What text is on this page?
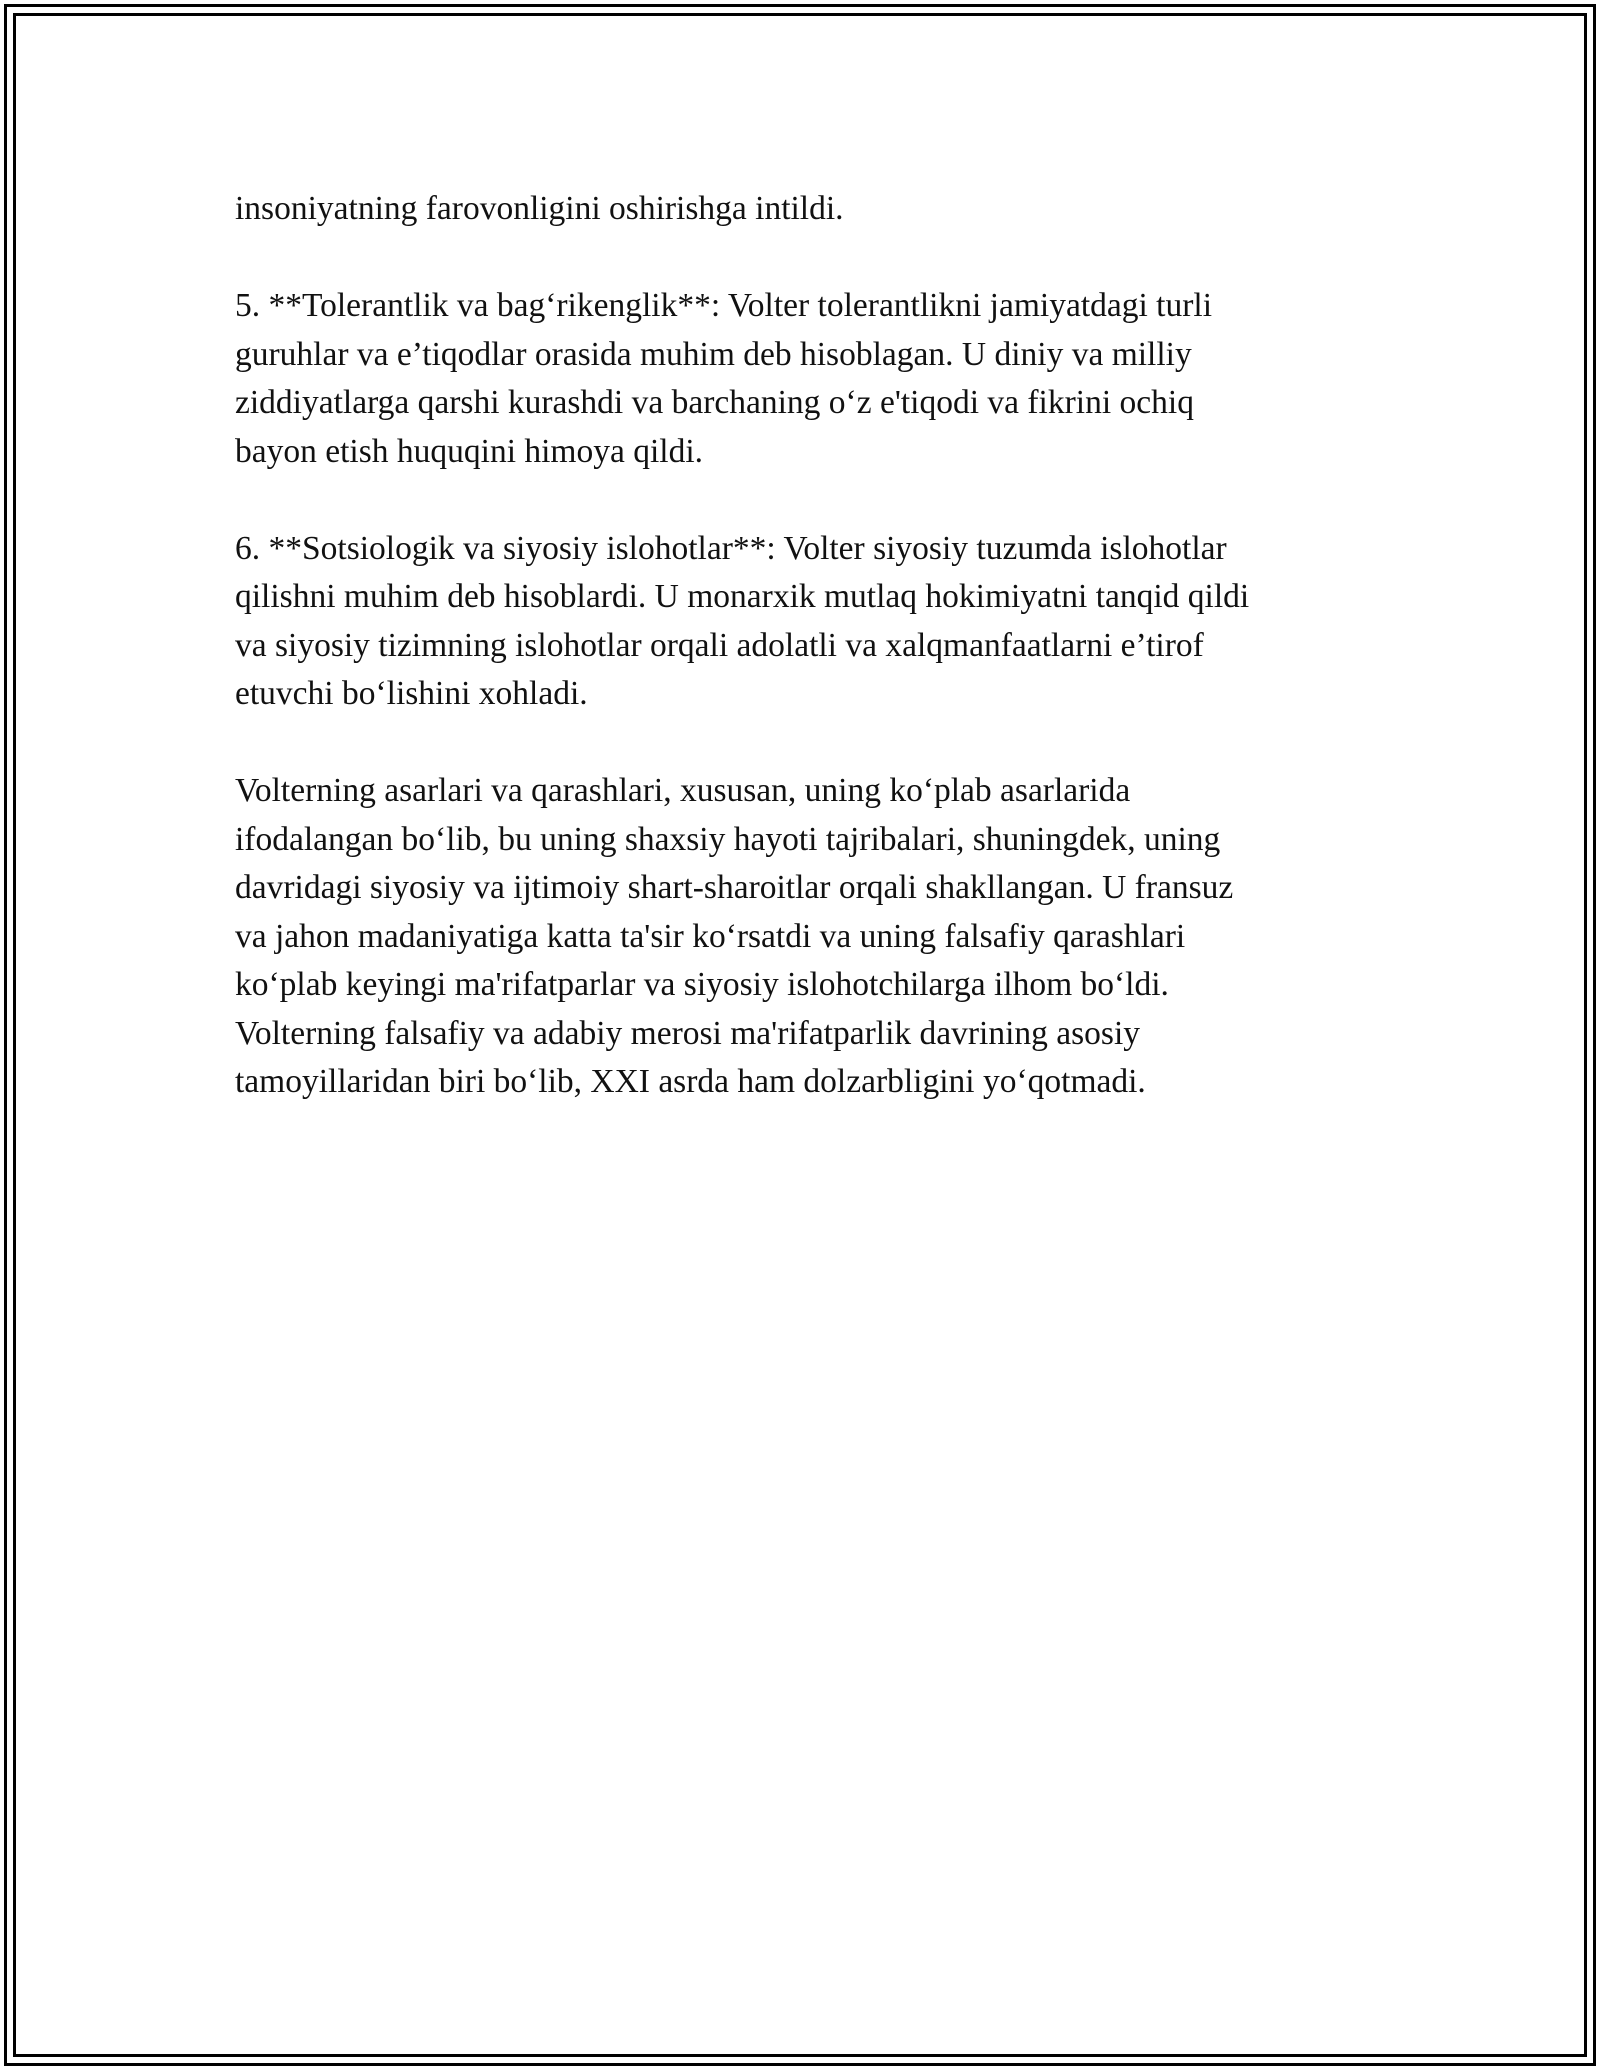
insoniyatning farovonligini oshirishga intildi.

5. **Tolerantlik va bag‘rikenglik**: Volter tolerantlikni jamiyatdagi turli
guruhlar va e’tiqodlar orasida muhim deb hisoblagan. U diniy va milliy
ziddiyatlarga qarshi kurashdi va barchaning o‘z e'tiqodi va fikrini ochiq
bayon etish huquqini himoya qildi.

6. **Sotsiologik va siyosiy islohotlar**: Volter siyosiy tuzumda islohotlar
qilishni muhim deb hisoblardi. U monarxik mutlaq hokimiyatni tanqid qildi
va siyosiy tizimning islohotlar orqali adolatli va xalqmanfaatlarni e’tirof
etuvchi bo‘lishini xohladi.

Volterning asarlari va qarashlari, xususan, uning ko‘plab asarlarida
ifodalangan bo‘lib, bu uning shaxsiy hayoti tajribalari, shuningdek, uning
davridagi siyosiy va ijtimoiy shart-sharoitlar orqali shakllangan. U fransuz
va jahon madaniyatiga katta ta'sir ko‘rsatdi va uning falsafiy qarashlari
ko‘plab keyingi ma'rifatparlar va siyosiy islohotchilarga ilhom bo‘ldi.
Volterning falsafiy va adabiy merosi ma'rifatparlik davrining asosiy
tamoyillaridan biri bo‘lib, XXI asrda ham dolzarbligini yo‘qotmadi.
